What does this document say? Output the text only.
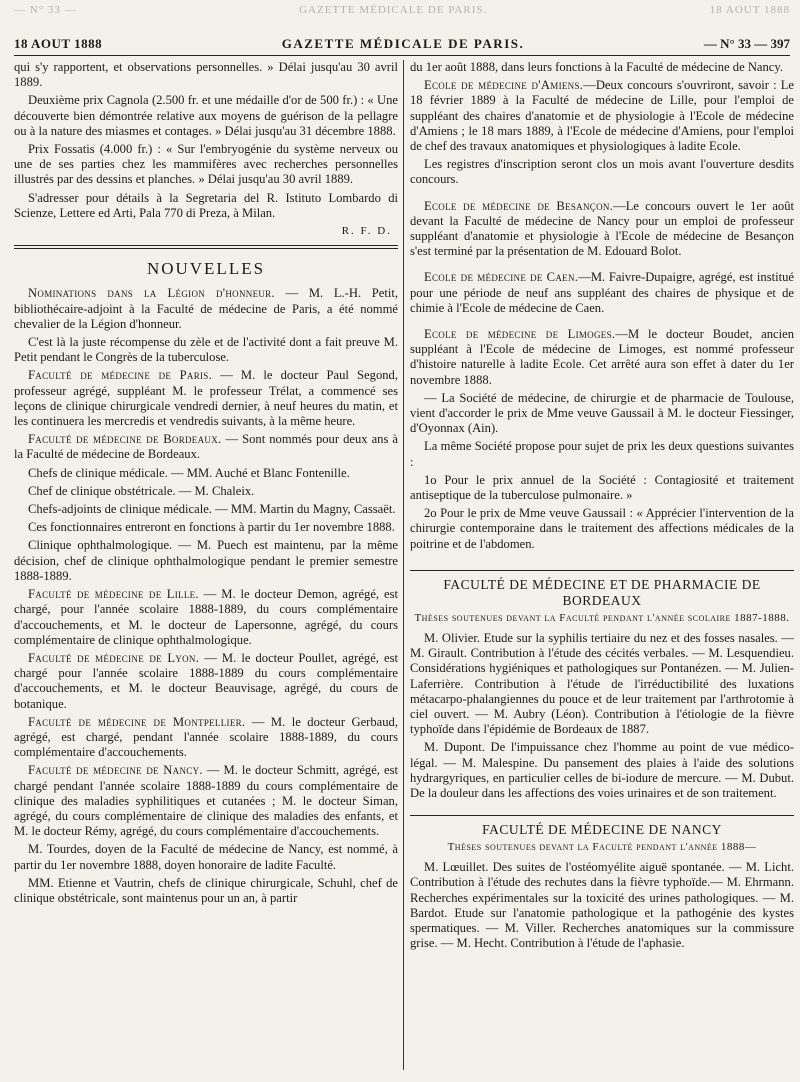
— N° 33 —	GAZETTE MÉDICALE DE PARIS.	18 AOUT 1888
18 AOUT 1888	GAZETTE MÉDICALE DE PARIS.	— N° 33 — 397

qui s'y rapportent, et observations personnelles. » Délai jusqu'au 30 avril 1889.

Deuxième prix Cagnola (2.500 fr. et une médaille d'or de 500 fr.) : « Une découverte bien démontrée relative aux moyens de guérison de la pellagre ou à la nature des miasmes et contages. » Délai jusqu'au 31 décembre 1888.

Prix Fossatis (4.000 fr.) : « Sur l'embryogénie du système nerveux ou une de ses parties chez les mammifères avec recherches personnelles illustrés par des dessins et planches. » Délai jusqu'au 30 avril 1889.

S'adresser pour détails à la Segretaria del R. Istituto Lombardo di Scienze, Lettere ed Arti, Pala 770 di Preza, à Milan.

R. F. D.

NOUVELLES

Nominations dans la Légion d'honneur. — M. L.-H. Petit, bibliothécaire-adjoint à la Faculté de médecine de Paris, a été nommé chevalier de la Légion d'honneur.

C'est là la juste récompense du zèle et de l'activité dont a fait preuve M. Petit pendant le Congrès de la tuberculose.

Faculté de médecine de Paris. — M. le docteur Paul Segond, professeur agrégé, suppléant M. le professeur Trélat, a commencé ses leçons de clinique chirurgicale vendredi dernier, à neuf heures du matin, et les continuera les mercredis et vendredis suivants, à la même heure.

Faculté de médecine de Bordeaux. — Sont nommés pour deux ans à la Faculté de médecine de Bordeaux.

Chefs de clinique médicale. — MM. Auché et Blanc Fontenille.

Chef de clinique obstétricale. — M. Chaleix.

Chefs-adjoints de clinique médicale. — MM. Martin du Magny, Cassaët.

Ces fonctionnaires entreront en fonctions à partir du 1er novembre 1888.

Clinique ophthalmologique. — M. Puech est maintenu, par la même décision, chef de clinique ophthalmologique pendant le premier semestre 1888-1889.

Faculté de médecine de Lille. — M. le docteur Demon, agrégé, est chargé, pour l'année scolaire 1888-1889, du cours complémentaire d'accouchements, et M. le docteur de Lapersonne, agrégé, du cours complémentaire de clinique ophthalmologique.

Faculté de médecine de Lyon. — M. le docteur Poullet, agrégé, est chargé pour l'année scolaire 1888-1889 du cours complémentaire d'accouchements, et M. le docteur Beauvisage, agrégé, du cours de botanique.

Faculté de médecine de Montpellier. — M. le docteur Gerbaud, agrégé, est chargé, pendant l'année scolaire 1888-1889, du cours complémentaire d'accouchements.

Faculté de médecine de Nancy. — M. le docteur Schmitt, agrégé, est chargé pendant l'année scolaire 1888-1889 du cours complémentaire de clinique des maladies syphilitiques et cutanées ; M. le docteur Siman, agrégé, du cours complémentaire de clinique des maladies des enfants, et M. le docteur Rémy, agrégé, du cours complémentaire d'accouchements.

M. Tourdes, doyen de la Faculté de médecine de Nancy, est nommé, à partir du 1er novembre 1888, doyen honoraire de ladite Faculté.

MM. Etienne et Vautrin, chefs de clinique chirurgicale, Schuhl, chef de clinique obstétricale, sont maintenus pour un an, à partir

du 1er août 1888, dans leurs fonctions à la Faculté de médecine de Nancy.

Ecole de médecine d'Amiens.—Deux concours s'ouvriront, savoir : Le 18 février 1889 à la Faculté de médecine de Lille, pour l'emploi de suppléant des chaires d'anatomie et de physiologie à l'Ecole de médecine d'Amiens ; le 18 mars 1889, à l'Ecole de médecine d'Amiens, pour l'emploi de chef des travaux anatomiques et physiologiques à ladite Ecole.

Les registres d'inscription seront clos un mois avant l'ouverture desdits concours.

Ecole de médecine de Besançon.—Le concours ouvert le 1er août devant la Faculté de médecine de Nancy pour un emploi de professeur suppléant d'anatomie et physiologie à l'Ecole de médecine de Besançon s'est terminé par la présentation de M. Edouard Bolot.

Ecole de médecine de Caen.—M. Faivre-Dupaigre, agrégé, est institué pour une période de neuf ans suppléant des chaires de physique et de chimie à l'Ecole de médecine de Caen.

Ecole de médecine de Limoges.—M le docteur Boudet, ancien suppléant à l'Ecole de médecine de Limoges, est nommé professeur d'histoire naturelle à ladite Ecole. Cet arrêté aura son effet à dater du 1er novembre 1888.

— La Société de médecine, de chirurgie et de pharmacie de Toulouse, vient d'accorder le prix de Mme veuve Gaussail à M. le docteur Fiessinger, d'Oyonnax (Ain).

La même Société propose pour sujet de prix les deux questions suivantes :

1o Pour le prix annuel de la Société : Contagiosité et traitement antiseptique de la tuberculose pulmonaire. »

2o Pour le prix de Mme veuve Gaussail : « Apprécier l'intervention de la chirurgie contemporaine dans le traitement des affections médicales de la poitrine et de l'abdomen.

FACULTÉ DE MÉDECINE ET DE PHARMACIE DE BORDEAUX
Thèses soutenues devant la Faculté pendant l'année scolaire 1887-1888.

M. Olivier. Etude sur la syphilis tertiaire du nez et des fosses nasales. — M. Girault. Contribution à l'étude des cécités verbales. — M. Lesquendieu. Considérations hygiéniques et pathologiques sur Pontanézen. — M. Julien-Laferrière. Contribution à l'étude de l'irréductibilité des luxations métacarpo-phalangiennes du pouce et de leur traitement par l'arthrotomie à ciel ouvert. — M. Aubry (Léon). Contribution à l'étiologie de la fièvre typhoïde dans l'épidémie de Bordeaux de 1887.

M. Dupont. De l'impuissance chez l'homme au point de vue médico-légal. — M. Malespine. Du pansement des plaies à l'aide des solutions hydrargyriques, en particulier celles de bi-iodure de mercure. — M. Dubut. De la douleur dans les affections des voies urinaires et de son traitement.

FACULTÉ DE MÉDECINE DE NANCY
Thèses soutenues devant la Faculté pendant l'année 1888—

M. Lœuillet. Des suites de l'ostéomyélite aiguë spontanée. — M. Licht. Contribution à l'étude des rechutes dans la fièvre typhoïde.— M. Ehrmann. Recherches expérimentales sur la toxicité des urines pathologiques. — M. Bardot. Etude sur l'anatomie pathologique et la pathogénie des kystes spermatiques. — M. Viller. Recherches anatomiques sur la commissure grise. — M. Hecht. Contribution à l'étude de l'aphasie.
